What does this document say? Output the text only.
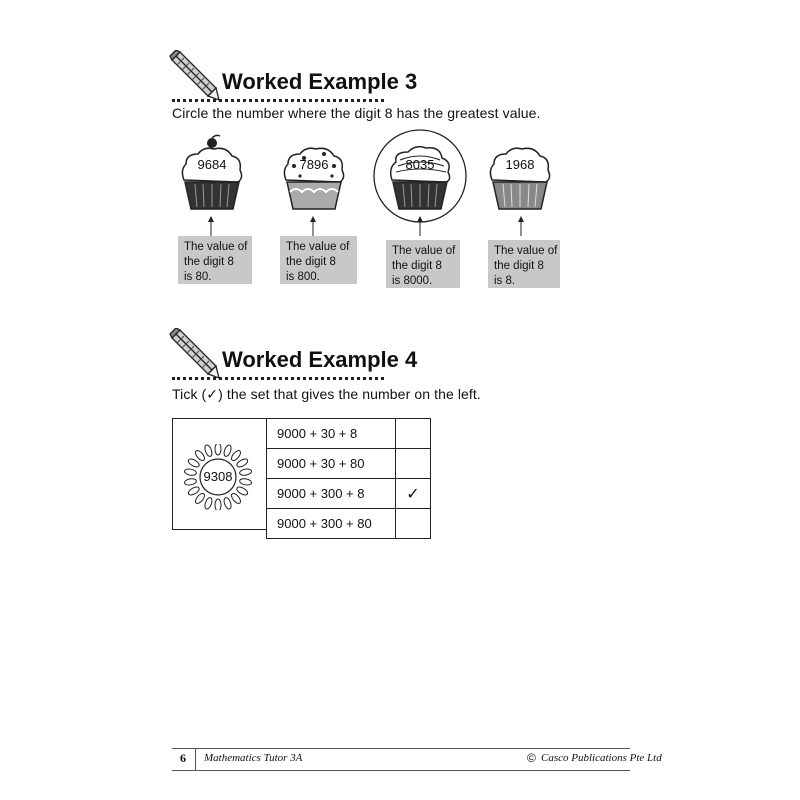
Worked Example 3
Circle the number where the digit 8 has the greatest value.
9684	7896	8035	1968
The value of
the digit 8
is 80.
The value of
the digit 8
is 800.
The value of
the digit 8
is 8000.
The value of
the digit 8
is 8.
Worked Example 4
Tick (✓) the set that gives the number on the left.
9308
9000 + 30 + 8	
9000 + 30 + 80	
9000 + 300 + 8	✓
9000 + 300 + 80	
6 Mathematics Tutor 3A	© Casco Publications Pte Ltd
